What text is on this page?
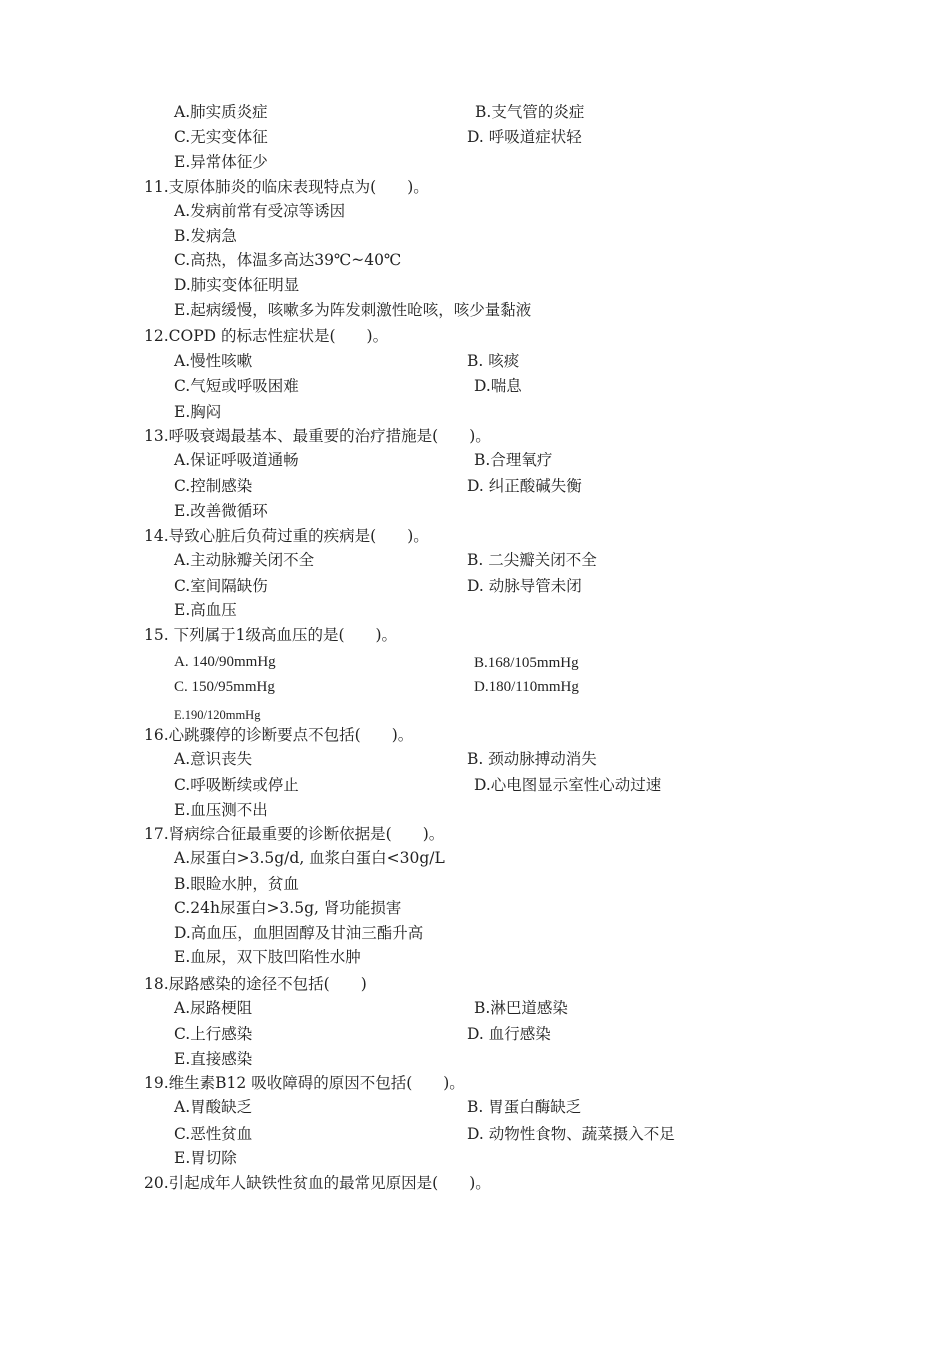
A.肺实质炎症	B.支气管的炎症
C.无实变体征	D. 呼吸道症状轻
E.异常体征少
11.支原体肺炎的临床表现特点为(　　)。
A.发病前常有受凉等诱因
B.发病急
C.高热，体温多高达39℃~40℃
D.肺实变体征明显
E.起病缓慢，咳嗽多为阵发刺激性呛咳，咳少量黏液
12.COPD 的标志性症状是(　　)。
A.慢性咳嗽	B. 咳痰
C.气短或呼吸困难	D.喘息
E.胸闷
13.呼吸衰竭最基本、最重要的治疗措施是(　　)。
A.保证呼吸道通畅	B.合理氧疗
C.控制感染	D. 纠正酸碱失衡
E.改善微循环
14.导致心脏后负荷过重的疾病是(　　)。
A.主动脉瓣关闭不全	B. 二尖瓣关闭不全
C.室间隔缺伤	D. 动脉导管未闭
E.高血压
15. 下列属于1级高血压的是(　　)。
A. 140/90mmHg	B.168/105mmHg
C. 150/95mmHg	D.180/110mmHg
E.190/120mmHg
16.心跳骤停的诊断要点不包括(　　)。
A.意识丧失	B. 颈动脉搏动消失
C.呼吸断续或停止	D.心电图显示室性心动过速
E.血压测不出
17.肾病综合征最重要的诊断依据是(　　)。
A.尿蛋白>3.5g/d, 血浆白蛋白<30g/L
B.眼睑水肿，贫血
C.24h尿蛋白>3.5g, 肾功能损害
D.高血压，血胆固醇及甘油三酯升高
E.血尿，双下肢凹陷性水肿
18.尿路感染的途径不包括(　　)
A.尿路梗阻	B.淋巴道感染
C.上行感染	D. 血行感染
E.直接感染
19.维生素B12 吸收障碍的原因不包括(　　)。
A.胃酸缺乏	B. 胃蛋白酶缺乏
C.恶性贫血	D. 动物性食物、蔬菜摄入不足
E.胃切除
20.引起成年人缺铁性贫血的最常见原因是(　　)。
